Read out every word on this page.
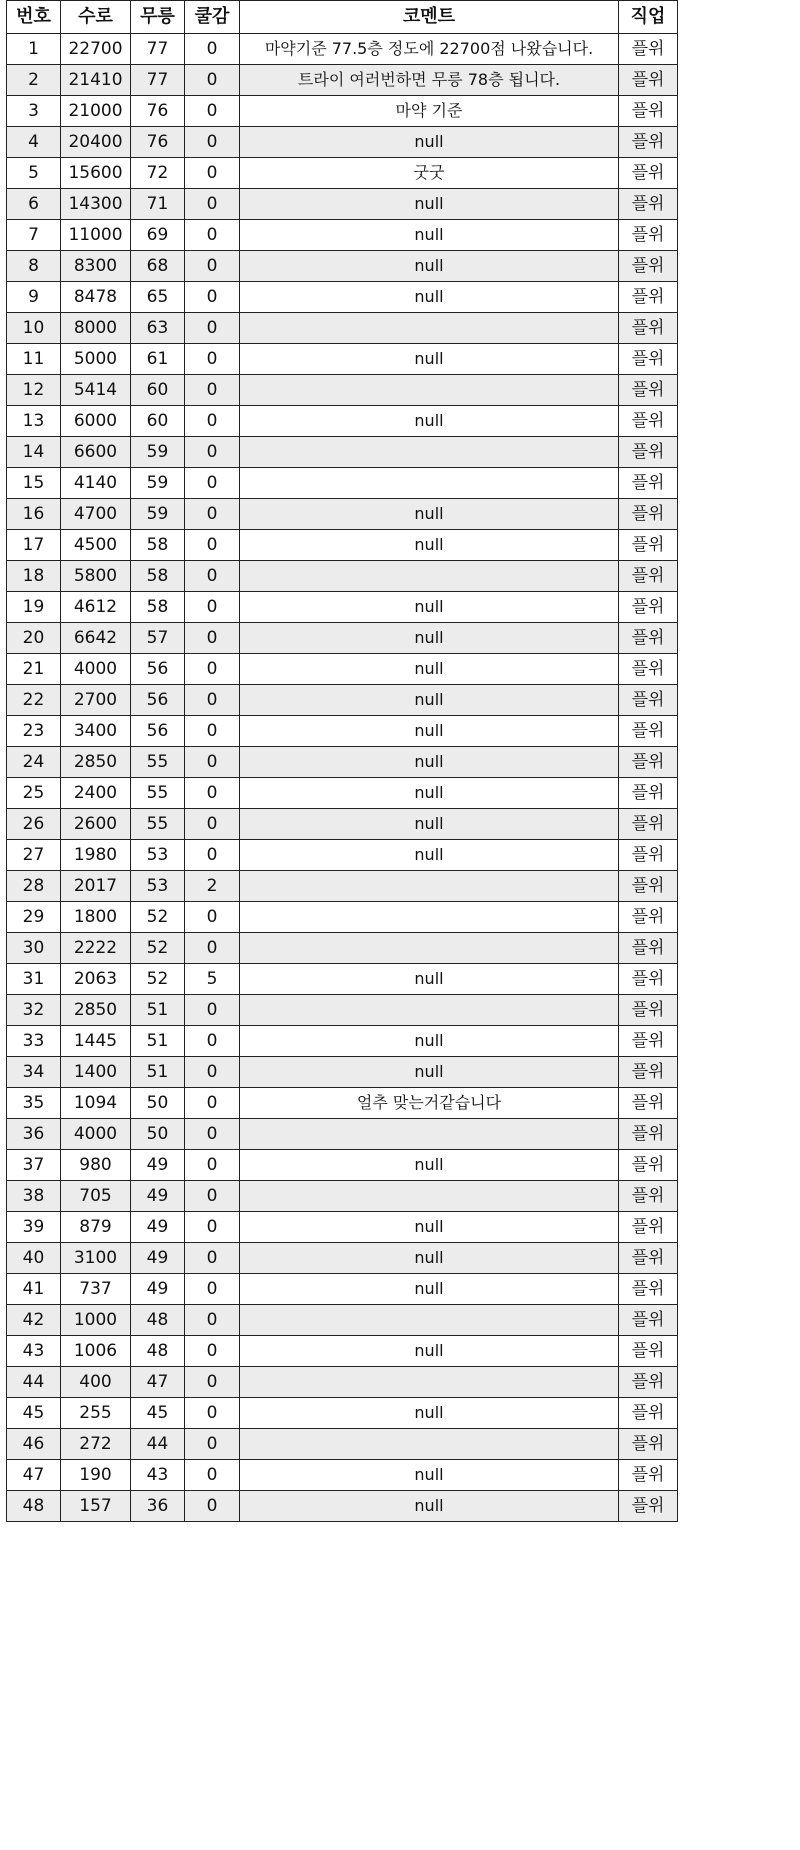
번호	수로	무릉	쿨감	코멘트	직업
1	22700	77	0	마약기준 77.5층 정도에 22700점 나왔습니다.	플위
2	21410	77	0	트라이 여러번하면 무릉 78층 됩니다.	플위
3	21000	76	0	마약 기준	플위
4	20400	76	0	null	플위
5	15600	72	0	굿굿	플위
6	14300	71	0	null	플위
7	11000	69	0	null	플위
8	8300	68	0	null	플위
9	8478	65	0	null	플위
10	8000	63	0		플위
11	5000	61	0	null	플위
12	5414	60	0		플위
13	6000	60	0	null	플위
14	6600	59	0		플위
15	4140	59	0		플위
16	4700	59	0	null	플위
17	4500	58	0	null	플위
18	5800	58	0		플위
19	4612	58	0	null	플위
20	6642	57	0	null	플위
21	4000	56	0	null	플위
22	2700	56	0	null	플위
23	3400	56	0	null	플위
24	2850	55	0	null	플위
25	2400	55	0	null	플위
26	2600	55	0	null	플위
27	1980	53	0	null	플위
28	2017	53	2		플위
29	1800	52	0		플위
30	2222	52	0		플위
31	2063	52	5	null	플위
32	2850	51	0		플위
33	1445	51	0	null	플위
34	1400	51	0	null	플위
35	1094	50	0	얼추 맞는거같습니다	플위
36	4000	50	0		플위
37	980	49	0	null	플위
38	705	49	0		플위
39	879	49	0	null	플위
40	3100	49	0	null	플위
41	737	49	0	null	플위
42	1000	48	0		플위
43	1006	48	0	null	플위
44	400	47	0		플위
45	255	45	0	null	플위
46	272	44	0		플위
47	190	43	0	null	플위
48	157	36	0	null	플위
